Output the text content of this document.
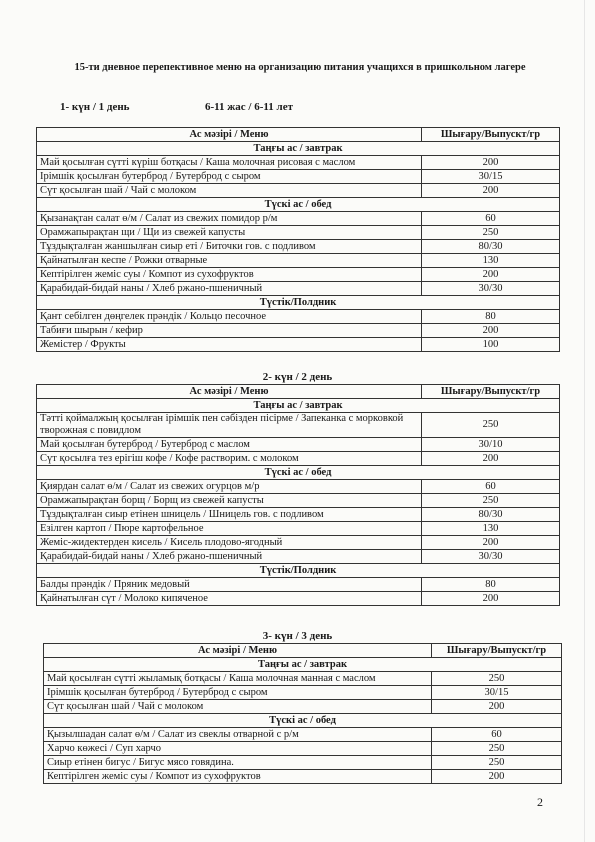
15-ти дневное перепективное меню на организацию питания учащихся в пришкольном лагере
1- күн / 1 день	6-11 жас / 6-11 лет
2- күн / 2 день
3- күн / 3 день
Ас мәзірі / Меню	Шығару/Выпускт/гр
Таңғы ас / завтрак	
Май қосылған сүтті күріш ботқасы / Каша молочная рисовая с маслом	200
Ірімшік қосылған бутерброд / Бутерброд с сыром	30/15
Сүт қосылған шай / Чай с молоком	200
Түскі ас / обед	
Қызанақтан салат ө/м / Салат из свежих помидор р/м	60
Орамжапырақтан щи / Щи из свежей капусты	250
Тұздықталған жаншылған сиыр еті / Биточки гов. с подливом	80/30
Қайнатылған кеспе / Рожки отварные	130
Кептірілген жеміс суы / Компот из сухофруктов	200
Қарабидай-бидай наны / Хлеб ржано-пшеничный	30/30
Түстік/Полдник	
Қант себілген дөңгелек прәндік / Кольцо песочное	80
Табиғи шырын / кефир	200
Жемістер / Фрукты	100
Ас мәзірі / Меню	Шығару/Выпускт/гр
Таңғы ас / завтрак	
Тәтті қоймалжың қосылған ірімшік пен сәбізден пісірме / Запеканка с морковкой творожная с повидлом	250
Май қосылған бутерброд / Бутерброд с маслом	30/10
Сүт қосылға тез ерігіш кофе / Кофе растворим. с молоком	200
Түскі ас / обед	
Қиярдан салат ө/м / Салат из свежих огурцов м/р	60
Орамжапырақтан борщ / Борщ из свежей капусты	250
Тұздықталған сиыр етінен шницель / Шницель гов. с подливом	80/30
Езілген картоп / Пюре картофельное	130
Жеміс-жидектерден кисель / Кисель плодово-ягодный	200
Қарабидай-бидай наны / Хлеб ржано-пшеничный	30/30
Түстік/Полдник	
Балды прәндік / Пряник медовый	80
Қайнатылған сүт / Молоко кипяченое	200
Ас мәзірі / Меню	Шығару/Выпускт/гр
Таңғы ас / завтрак	
Май қосылған сүтті жыламық ботқасы / Каша молочная манная с маслом	250
Ірімшік қосылған бутерброд / Бутерброд с сыром	30/15
Сүт қосылған шай / Чай с молоком	200
Түскі ас / обед	
Қызылшадан салат ө/м / Салат из свеклы отварной с р/м	60
Харчо көжесі / Суп харчо	250
Сиыр етінен бигус / Бигус мясо говядина.	250
Кептірілген жеміс суы / Компот из сухофруктов	200
2
